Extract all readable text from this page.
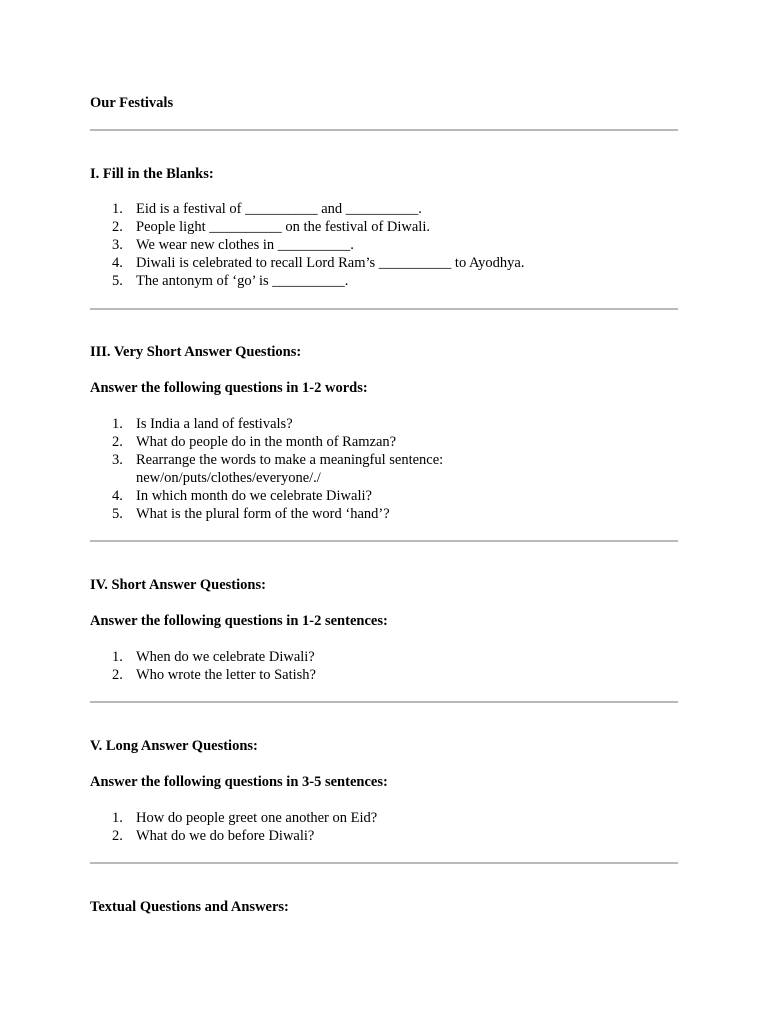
Our Festivals
I. Fill in the Blanks:
1. Eid is a festival of __________ and __________.
2. People light __________ on the festival of Diwali.
3. We wear new clothes in __________.
4. Diwali is celebrated to recall Lord Ram’s __________ to Ayodhya.
5. The antonym of ‘go’ is __________.
III. Very Short Answer Questions:
Answer the following questions in 1-2 words:
1. Is India a land of festivals?
2. What do people do in the month of Ramzan?
3. Rearrange the words to make a meaningful sentence:
new/on/puts/clothes/everyone/./
4. In which month do we celebrate Diwali?
5. What is the plural form of the word ‘hand’?
IV. Short Answer Questions:
Answer the following questions in 1-2 sentences:
1. When do we celebrate Diwali?
2. Who wrote the letter to Satish?
V. Long Answer Questions:
Answer the following questions in 3-5 sentences:
1. How do people greet one another on Eid?
2. What do we do before Diwali?
Textual Questions and Answers:
